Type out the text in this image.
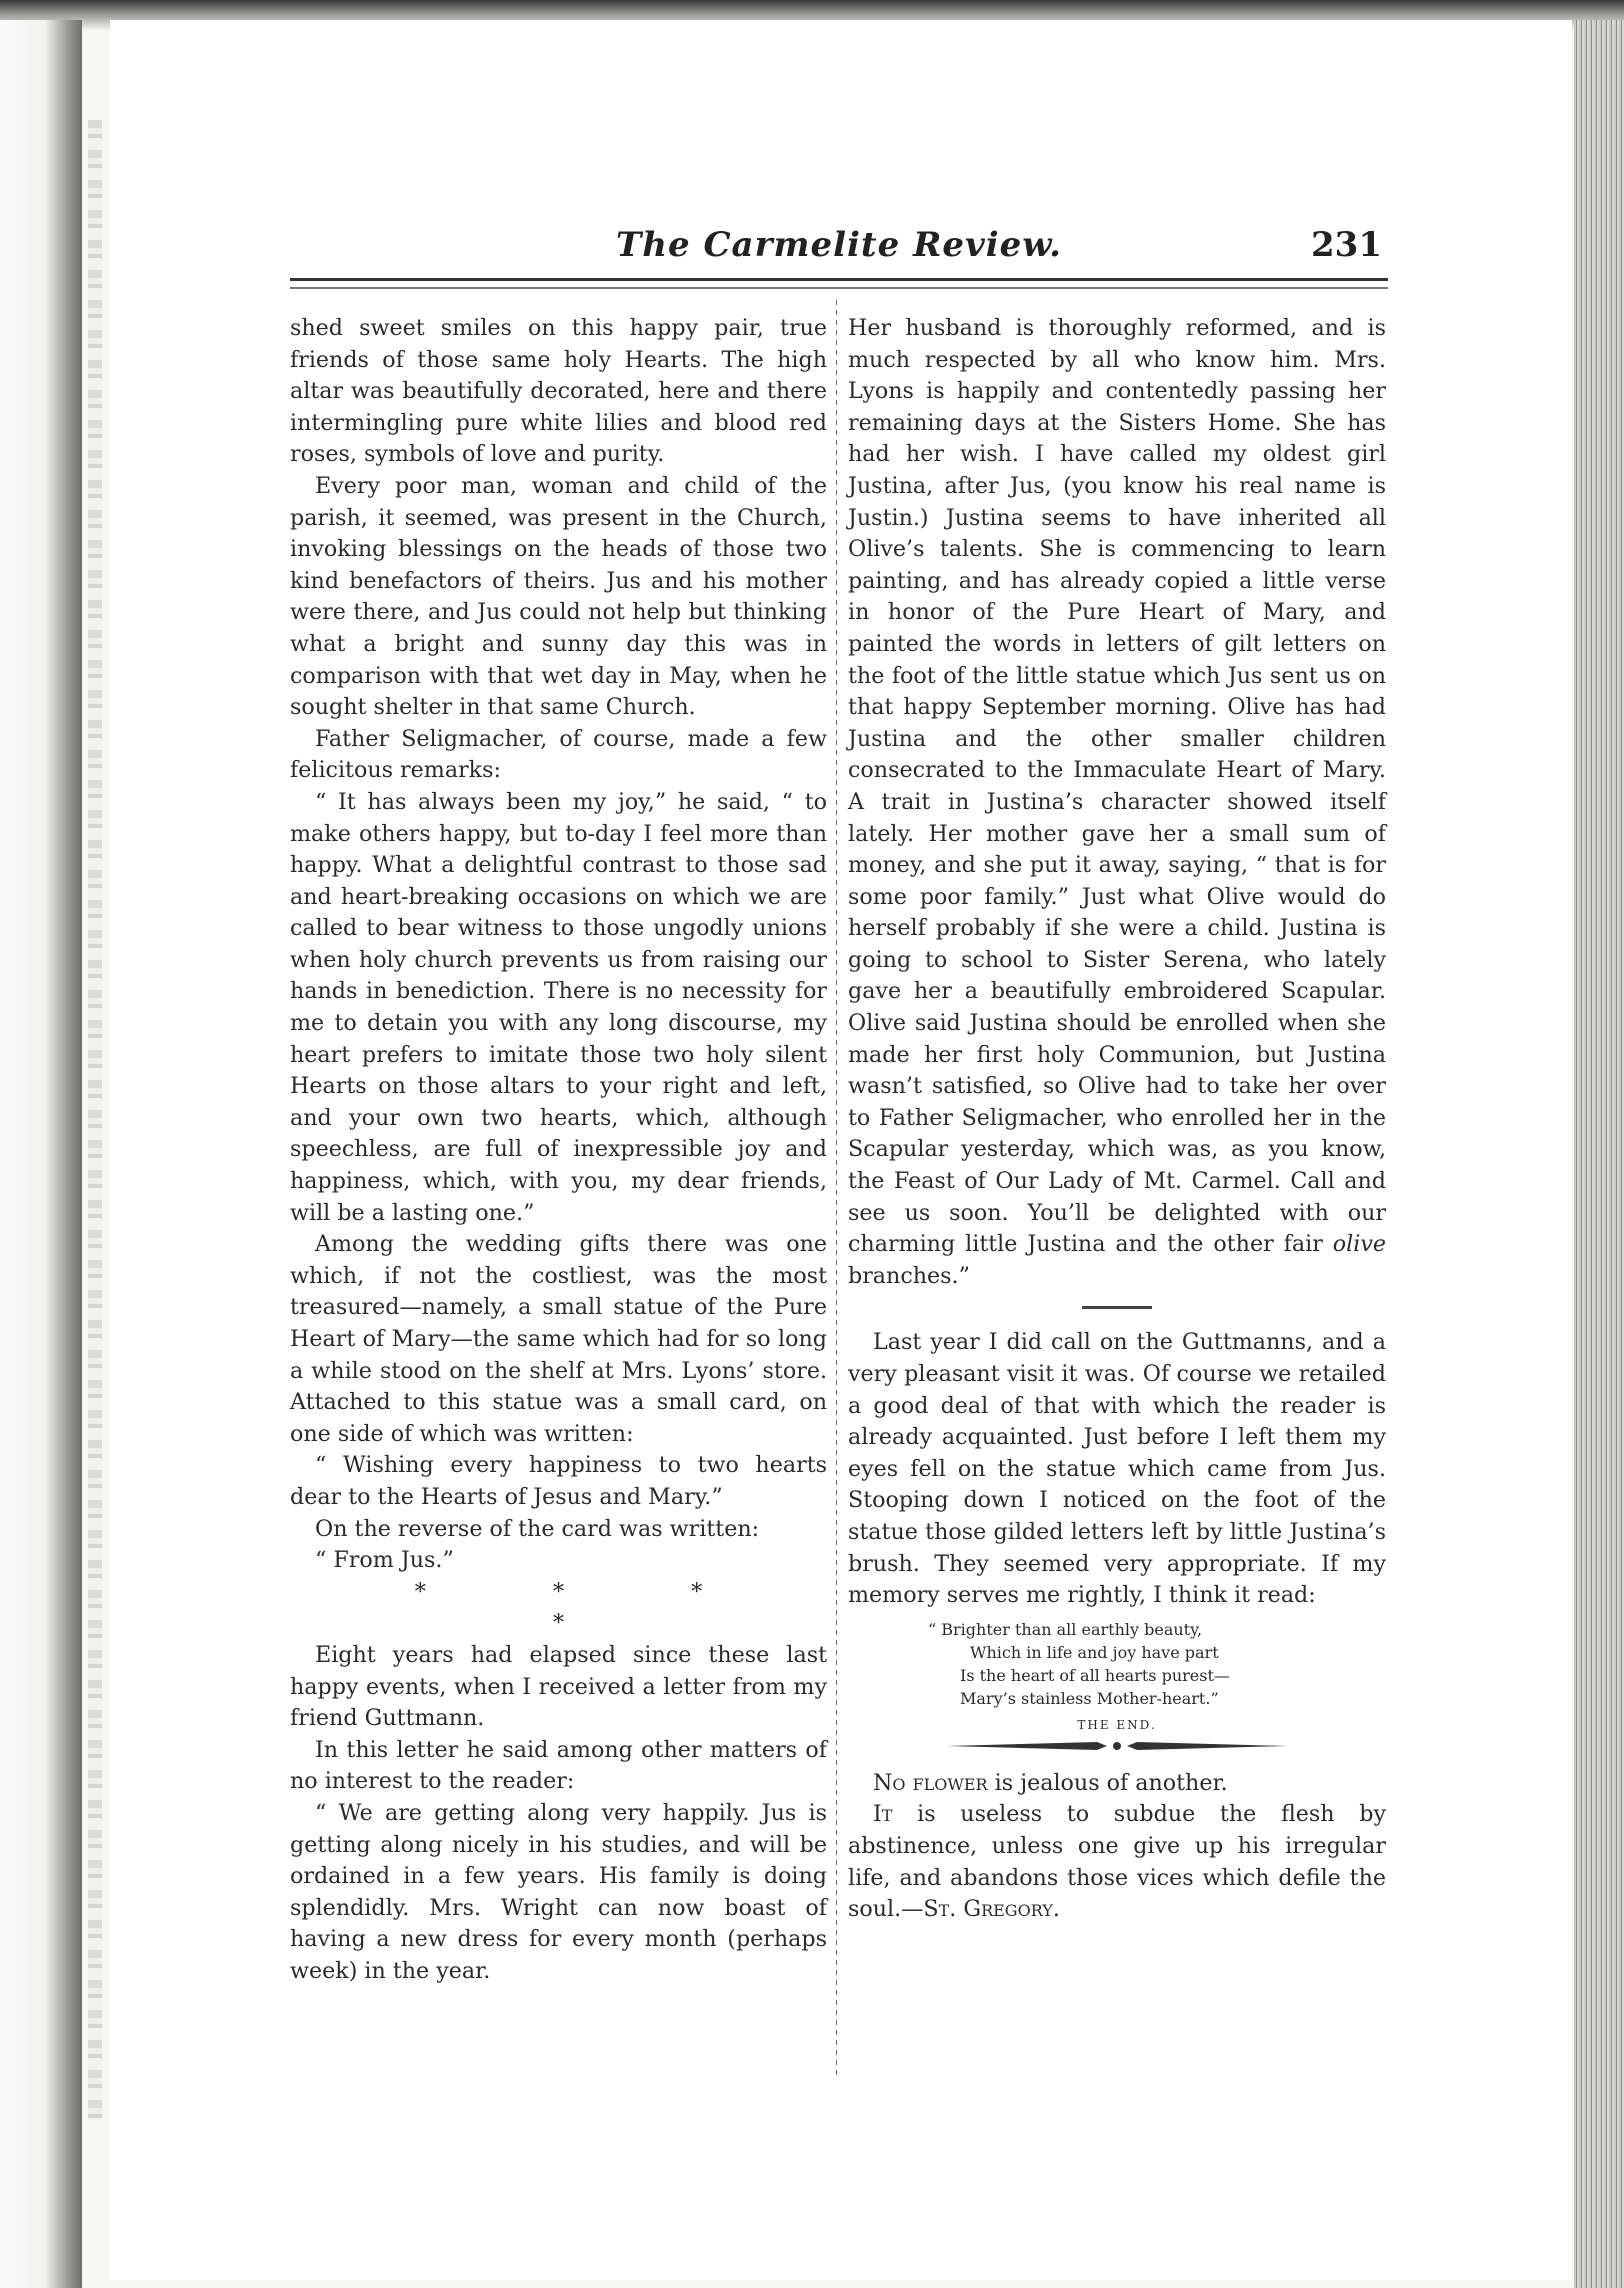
The Carmelite Review.	231

shed sweet smiles on this happy pair, true friends of those same holy Hearts. The high altar was beautifully decorated, here and there intermingling pure white lilies and blood red roses, symbols of love and purity.

Every poor man, woman and child of the parish, it seemed, was present in the Church, invoking blessings on the heads of those two kind benefactors of theirs. Jus and his mother were there, and Jus could not help but thinking what a bright and sunny day this was in comparison with that wet day in May, when he sought shelter in that same Church.

Father Seligmacher, of course, made a few felicitous remarks:

“ It has always been my joy,” he said, “ to make others happy, but to-day I feel more than happy. What a delightful contrast to those sad and heart-breaking occasions on which we are called to bear witness to those ungodly unions when holy church prevents us from raising our hands in benediction. There is no necessity for me to detain you with any long discourse, my heart prefers to imitate those two holy silent Hearts on those altars to your right and left, and your own two hearts, which, although speechless, are full of inexpressible joy and happiness, which, with you, my dear friends, will be a lasting one.”

Among the wedding gifts there was one which, if not the costliest, was the most treasured—namely, a small statue of the Pure Heart of Mary—the same which had for so long a while stood on the shelf at Mrs. Lyons’ store. Attached to this statue was a small card, on one side of which was written:

“ Wishing every happiness to two hearts dear to the Hearts of Jesus and Mary.”

On the reverse of the card was written:

“ From Jus.”

* * * *

Eight years had elapsed since these last happy events, when I received a letter from my friend Guttmann.

In this letter he said among other matters of no interest to the reader:

“ We are getting along very happily. Jus is getting along nicely in his studies, and will be ordained in a few years. His family is doing splendidly. Mrs. Wright can now boast of having a new dress for every month (perhaps week) in the year.

Her husband is thoroughly reformed, and is much respected by all who know him. Mrs. Lyons is happily and contentedly passing her remaining days at the Sisters Home. She has had her wish. I have called my oldest girl Justina, after Jus, (you know his real name is Justin.) Justina seems to have inherited all Olive’s talents. She is commencing to learn painting, and has already copied a little verse in honor of the Pure Heart of Mary, and painted the words in letters of gilt letters on the foot of the little statue which Jus sent us on that happy September morning. Olive has had Justina and the other smaller children consecrated to the Immaculate Heart of Mary. A trait in Justina’s character showed itself lately. Her mother gave her a small sum of money, and she put it away, saying, “ that is for some poor family.” Just what Olive would do herself probably if she were a child. Justina is going to school to Sister Serena, who lately gave her a beautifully embroidered Scapular. Olive said Justina should be enrolled when she made her first holy Communion, but Justina wasn’t satisfied, so Olive had to take her over to Father Seligmacher, who enrolled her in the Scapular yesterday, which was, as you know, the Feast of Our Lady of Mt. Carmel. Call and see us soon. You’ll be delighted with our charming little Justina and the other fair olive branches.”

Last year I did call on the Guttmanns, and a very pleasant visit it was. Of course we retailed a good deal of that with which the reader is already acquainted. Just before I left them my eyes fell on the statue which came from Jus. Stooping down I noticed on the foot of the statue those gilded letters left by little Justina’s brush. They seemed very appropriate. If my memory serves me rightly, I think it read:

“ Brighter than all earthly beauty,

Which in life and joy have part

Is the heart of all hearts purest—

Mary’s stainless Mother-heart.”

THE END.

No flower is jealous of another.

It is useless to subdue the flesh by abstinence, unless one give up his irregular life, and abandons those vices which defile the soul.—St. Gregory.
